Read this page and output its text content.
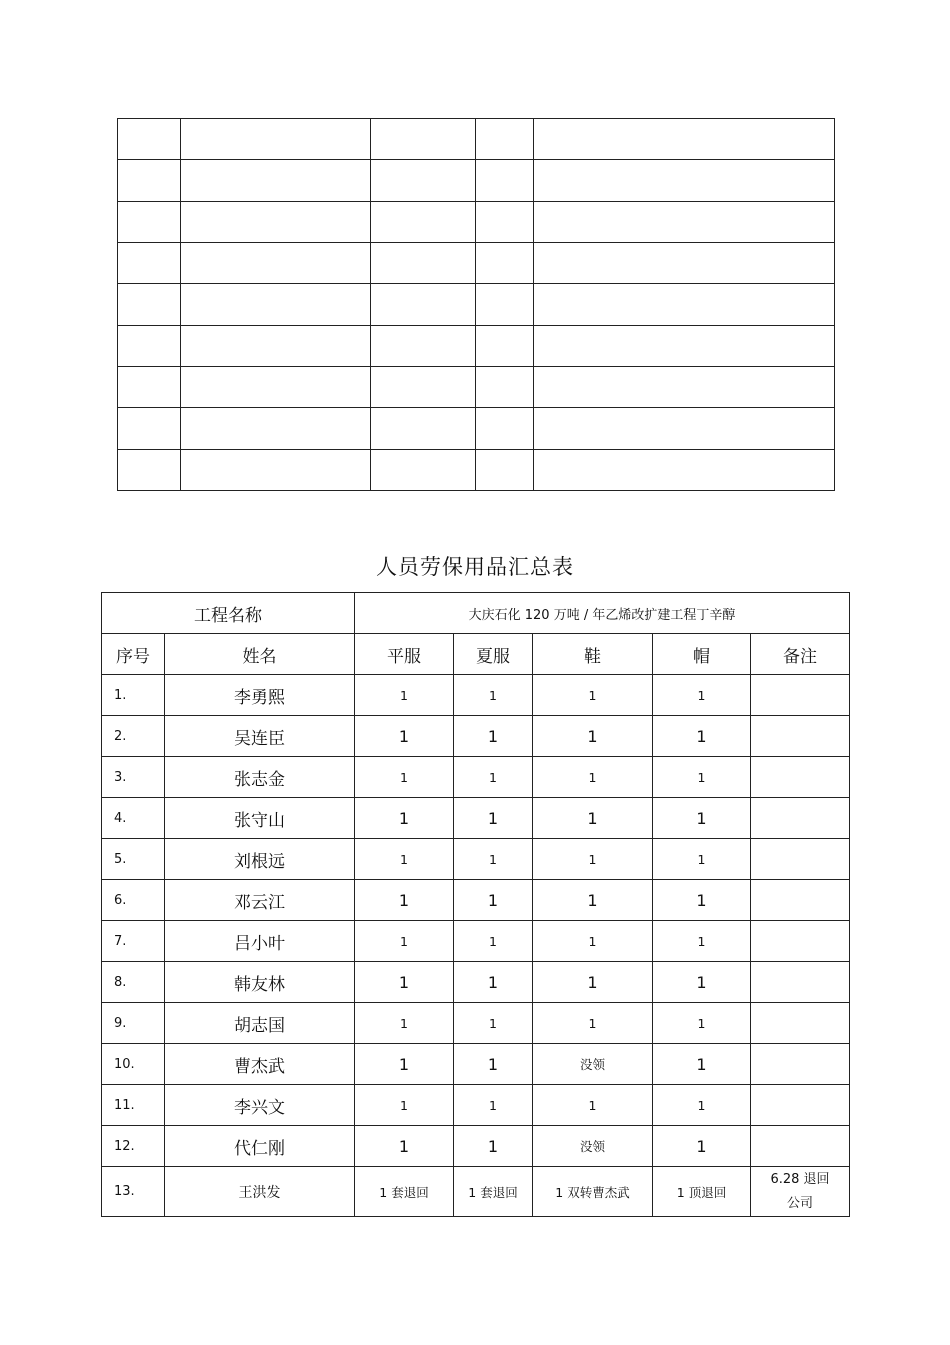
人员劳保用品汇总表
工程名称		大庆石化 120 万吨 / 年乙烯改扩建工程丁辛醇				
序号	姓名	平服	夏服	鞋	帽	备注
1.	李勇熙	1	1	1	1	
2.	吴连臣	1	1	1	1	
3.	张志金	1	1	1	1	
4.	张守山	1	1	1	1	
5.	刘根远	1	1	1	1	
6.	邓云江	1	1	1	1	
7.	吕小叶	1	1	1	1	
8.	韩友林	1	1	1	1	
9.	胡志国	1	1	1	1	
10.	曹杰武	1	1	没领	1	
11.	李兴文	1	1	1	1	
12.	代仁刚	1	1	没领	1	
13.	王洪发	1 套退回	1 套退回	1 双转曹杰武	1 顶退回	6.28 退回
公司
